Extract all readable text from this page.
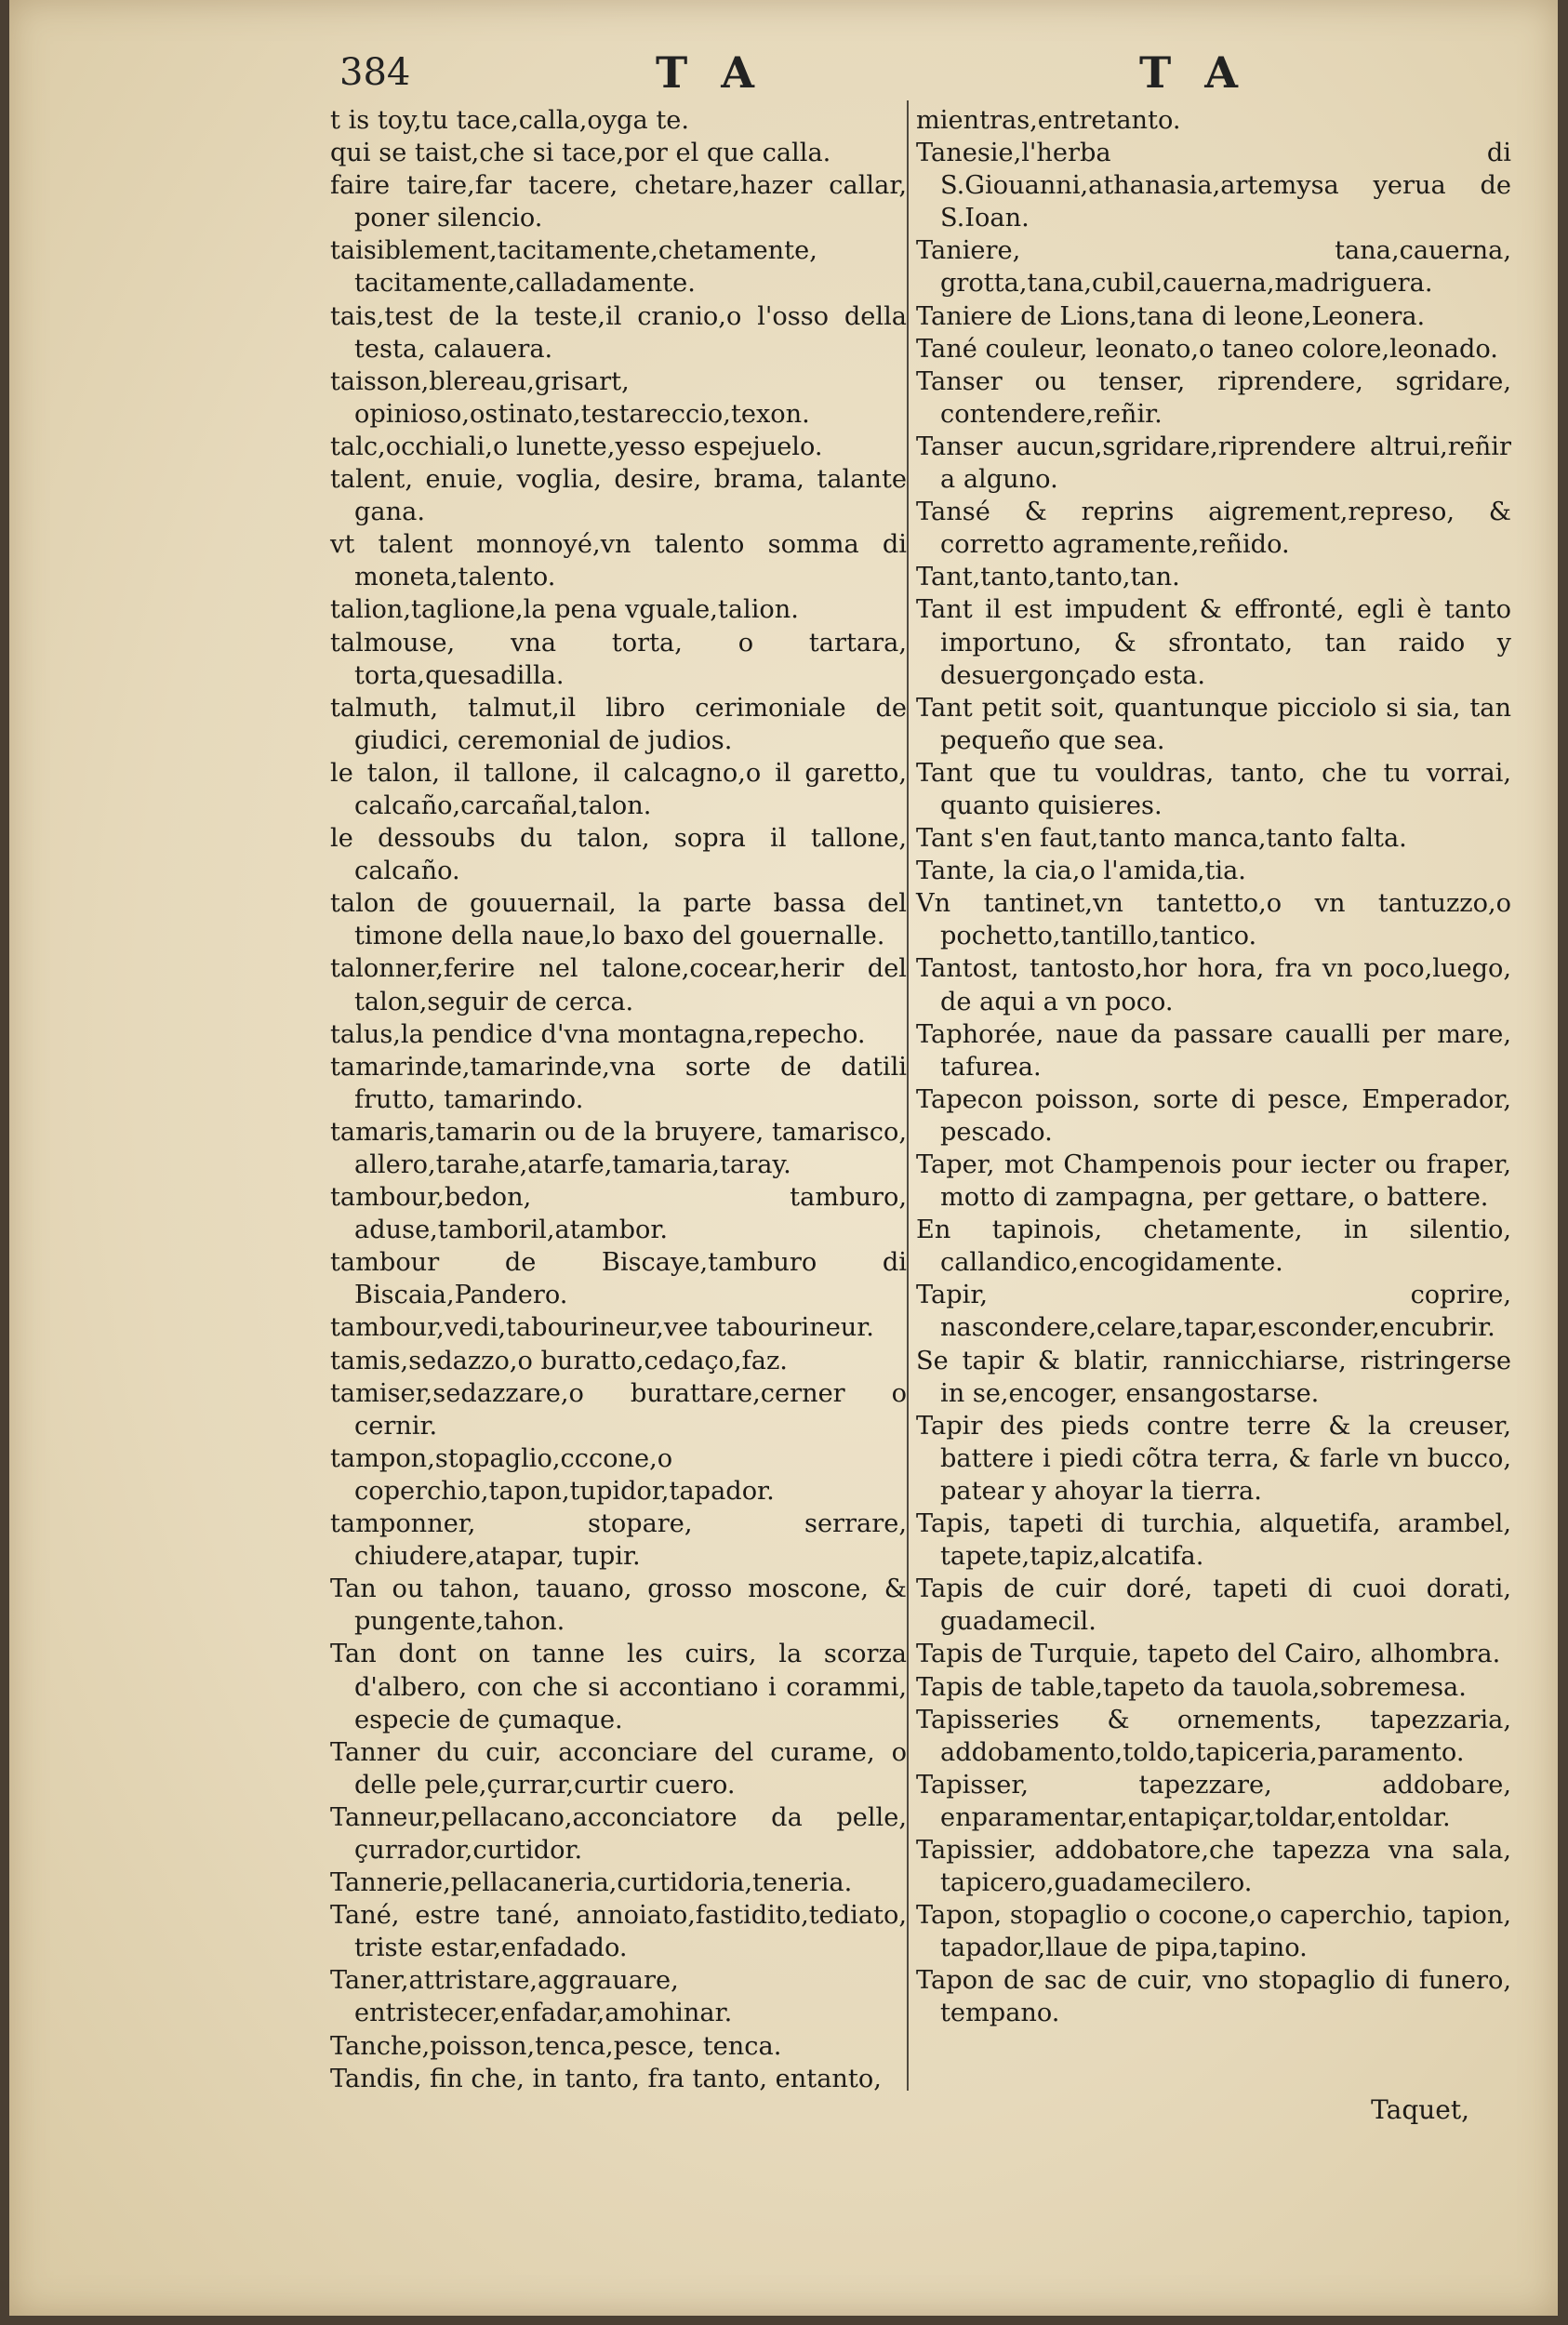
384	T A	T A

t is toy,tu tace,calla,oyga te.

qui se taist,che si tace,por el que calla.

faire taire,far tacere, chetare,hazer callar, poner silencio.

taisiblement,tacitamente,chetamente, tacitamente,calladamente.

tais,test de la teste,il cranio,o l'osso della testa, calauera.

taisson,blereau,grisart, opinioso,ostinato,testareccio,texon.

talc,occhiali,o lunette,yesso espejuelo.

talent, enuie, voglia, desire, brama, talante gana.

vt talent monnoyé,vn talento somma di moneta,talento.

talion,taglione,la pena vguale,talion.

talmouse, vna torta, o tartara, torta,quesadilla.

talmuth, talmut,il libro cerimoniale de giudici, ceremonial de judios.

le talon, il tallone, il calcagno,o il garetto, calcaño,carcañal,talon.

le dessoubs du talon, sopra il tallone, calcaño.

talon de gouuernail, la parte bassa del timone della naue,lo baxo del gouernalle.

talonner,ferire nel talone,cocear,herir del talon,seguir de cerca.

talus,la pendice d'vna montagna,repecho.

tamarinde,tamarinde,vna sorte de datili frutto, tamarindo.

tamaris,tamarin ou de la bruyere, tamarisco, allero,tarahe,atarfe,tamaria,taray.

tambour,bedon, tamburo, aduse,tamboril,atambor.

tambour de Biscaye,tamburo di Biscaia,Pandero.

tambour,vedi,tabourineur,vee tabourineur.

tamis,sedazzo,o buratto,cedaço,faz.

tamiser,sedazzare,o burattare,cerner o cernir.

tampon,stopaglio,cccone,o coperchio,tapon,tupidor,tapador.

tamponner, stopare, serrare, chiudere,atapar, tupir.

Tan ou tahon, tauano, grosso moscone, & pungente,tahon.

Tan dont on tanne les cuirs, la scorza d'albero, con che si accontiano i corammi, especie de çumaque.

Tanner du cuir, acconciare del curame, o delle pele,çurrar,curtir cuero.

Tanneur,pellacano,acconciatore da pelle, çurrador,curtidor.

Tannerie,pellacaneria,curtidoria,teneria.

Tané, estre tané, annoiato,fastidito,tediato, triste estar,enfadado.

Taner,attristare,aggrauare, entristecer,enfadar,amohinar.

Tanche,poisson,tenca,pesce, tenca.

Tandis, fin che, in tanto, fra tanto, entanto,

mientras,entretanto.

Tanesie,l'herba di S.Giouanni,athanasia,artemysa yerua de S.Ioan.

Taniere, tana,cauerna, grotta,tana,cubil,cauerna,madriguera.

Taniere de Lions,tana di leone,Leonera.

Tané couleur, leonato,o taneo colore,leonado.

Tanser ou tenser, riprendere, sgridare, contendere,reñir.

Tanser aucun,sgridare,riprendere altrui,reñir a alguno.

Tansé & reprins aigrement,represo, & corretto agramente,reñido.

Tant,tanto,tanto,tan.

Tant il est impudent & effronté, egli è tanto importuno, & sfrontato, tan raido y desuergonçado esta.

Tant petit soit, quantunque picciolo si sia, tan pequeño que sea.

Tant que tu vouldras, tanto, che tu vorrai, quanto quisieres.

Tant s'en faut,tanto manca,tanto falta.

Tante, la cia,o l'amida,tia.

Vn tantinet,vn tantetto,o vn tantuzzo,o pochetto,tantillo,tantico.

Tantost, tantosto,hor hora, fra vn poco,luego, de aqui a vn poco.

Taphorée, naue da passare caualli per mare, tafurea.

Tapecon poisson, sorte di pesce, Emperador, pescado.

Taper, mot Champenois pour iecter ou fraper, motto di zampagna, per gettare, o battere.

En tapinois, chetamente, in silentio, callandico,encogidamente.

Tapir, coprire, nascondere,celare,tapar,esconder,encubrir.

Se tapir & blatir, rannicchiarse, ristringerse in se,encoger, ensangostarse.

Tapir des pieds contre terre & la creuser, battere i piedi cõtra terra, & farle vn bucco, patear y ahoyar la tierra.

Tapis, tapeti di turchia, alquetifa, arambel, tapete,tapiz,alcatifa.

Tapis de cuir doré, tapeti di cuoi dorati, guadamecil.

Tapis de Turquie, tapeto del Cairo, alhombra.

Tapis de table,tapeto da tauola,sobremesa.

Tapisseries & ornements, tapezzaria, addobamento,toldo,tapiceria,paramento.

Tapisser, tapezzare, addobare, enparamentar,entapiçar,toldar,entoldar.

Tapissier, addobatore,che tapezza vna sala, tapicero,guadamecilero.

Tapon, stopaglio o cocone,o caperchio, tapion, tapador,llaue de pipa,tapino.

Tapon de sac de cuir, vno stopaglio di funero, tempano.

Taquet,
